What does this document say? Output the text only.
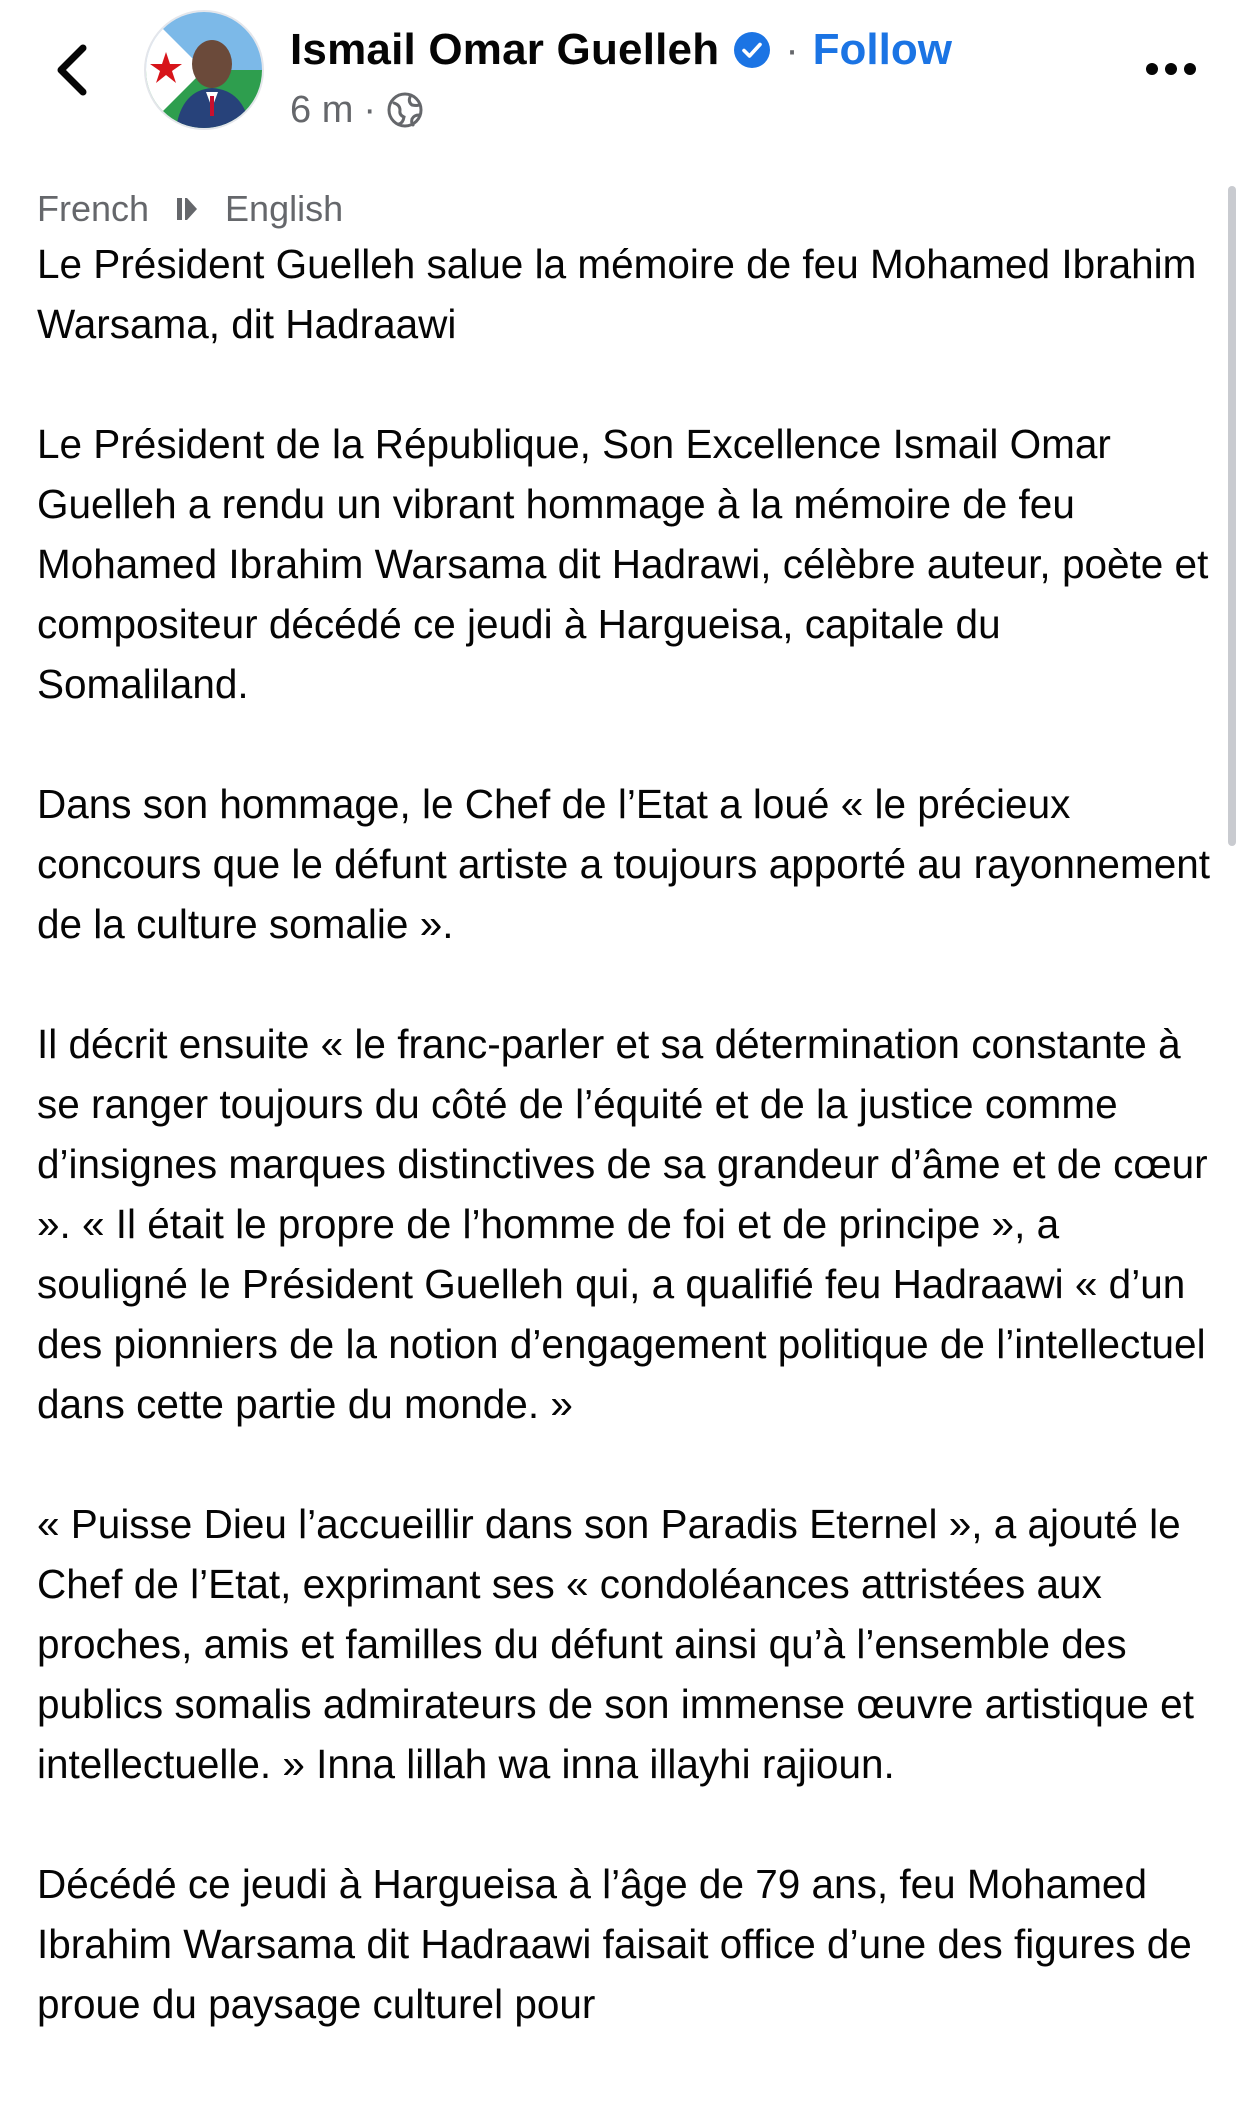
Ismail Omar Guelleh · Follow
6 m ·
French English

Le Président Guelleh salue la mémoire de feu Mohamed Ibrahim Warsama, dit Hadraawi

Le Président de la République, Son Excellence Ismail Omar Guelleh a rendu un vibrant hommage à la mémoire de feu Mohamed Ibrahim Warsama dit Hadrawi, célèbre auteur, poète et compositeur décédé ce jeudi à Hargueisa, capitale du Somaliland.

Dans son hommage, le Chef de l’Etat a loué « le précieux concours que le défunt artiste a toujours apporté au rayonnement de la culture somalie ».

Il décrit ensuite « le franc-parler et sa détermination constante à se ranger toujours du côté de l’équité et de la justice comme d’insignes marques distinctives de sa grandeur d’âme et de cœur ». « Il était le propre de l’homme de foi et de principe », a souligné le Président Guelleh qui, a qualifié feu Hadraawi « d’un des pionniers de la notion d’engagement politique de l’intellectuel dans cette partie du monde. »

« Puisse Dieu l’accueillir dans son Paradis Eternel », a ajouté le Chef de l’Etat, exprimant ses « condoléances attristées aux proches, amis et familles du défunt ainsi qu’à l’ensemble des publics somalis admirateurs de son immense œuvre artistique et intellectuelle. » Inna lillah wa inna illayhi rajioun.

Décédé ce jeudi à Hargueisa à l’âge de 79 ans, feu Mohamed Ibrahim Warsama dit Hadraawi faisait office d’une des figures de proue du paysage culturel pour
